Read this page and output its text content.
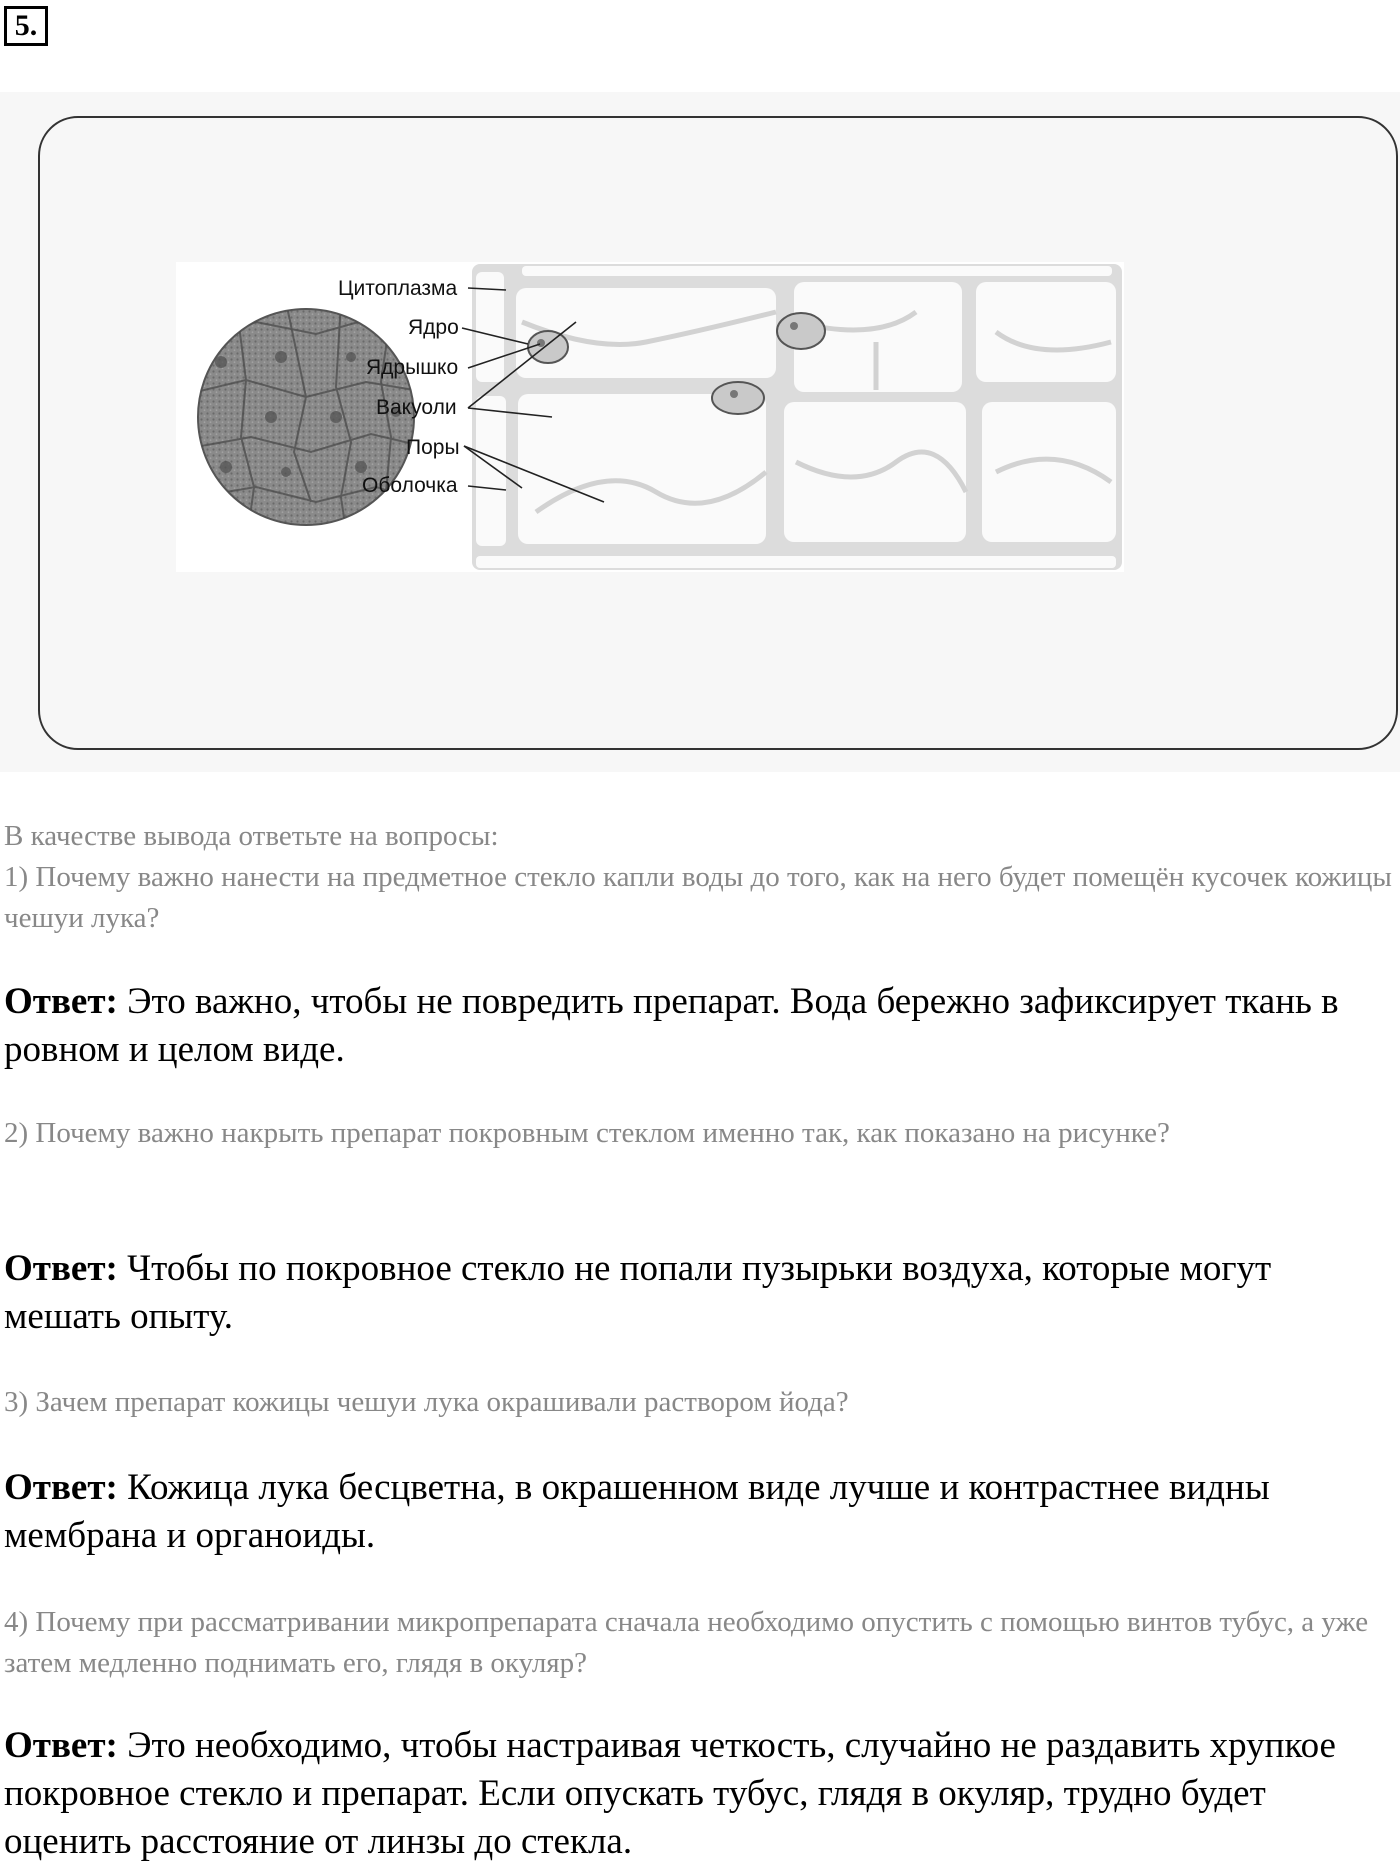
5.
Цитоплазма
Ядро
Ядрышко
Вакуоли
Поры
Оболочка
В качестве вывода ответьте на вопросы:
1) Почему важно нанести на предметное стекло капли воды до того, как на него будет помещён кусочек кожицы чешуи лука?
Ответ: Это важно, чтобы не повредить препарат. Вода бережно зафиксирует ткань в ровном и целом виде.
2) Почему важно накрыть препарат покровным стеклом именно так, как показано на рисунке?
Ответ: Чтобы по покровное стекло не попали пузырьки воздуха, которые могут мешать опыту.
3) Зачем препарат кожицы чешуи лука окрашивали раствором йода?
Ответ: Кожица лука бесцветна, в окрашенном виде лучше и контрастнее видны мембрана и органоиды.
4) Почему при рассматривании микропрепарата сначала необходимо опустить с помощью винтов тубус, а уже затем медленно поднимать его, глядя в окуляр?
Ответ: Это необходимо, чтобы настраивая четкость, случайно не раздавить хрупкое покровное стекло и препарат. Если опускать тубус, глядя в окуляр, трудно будет оценить расстояние от линзы до стекла.
